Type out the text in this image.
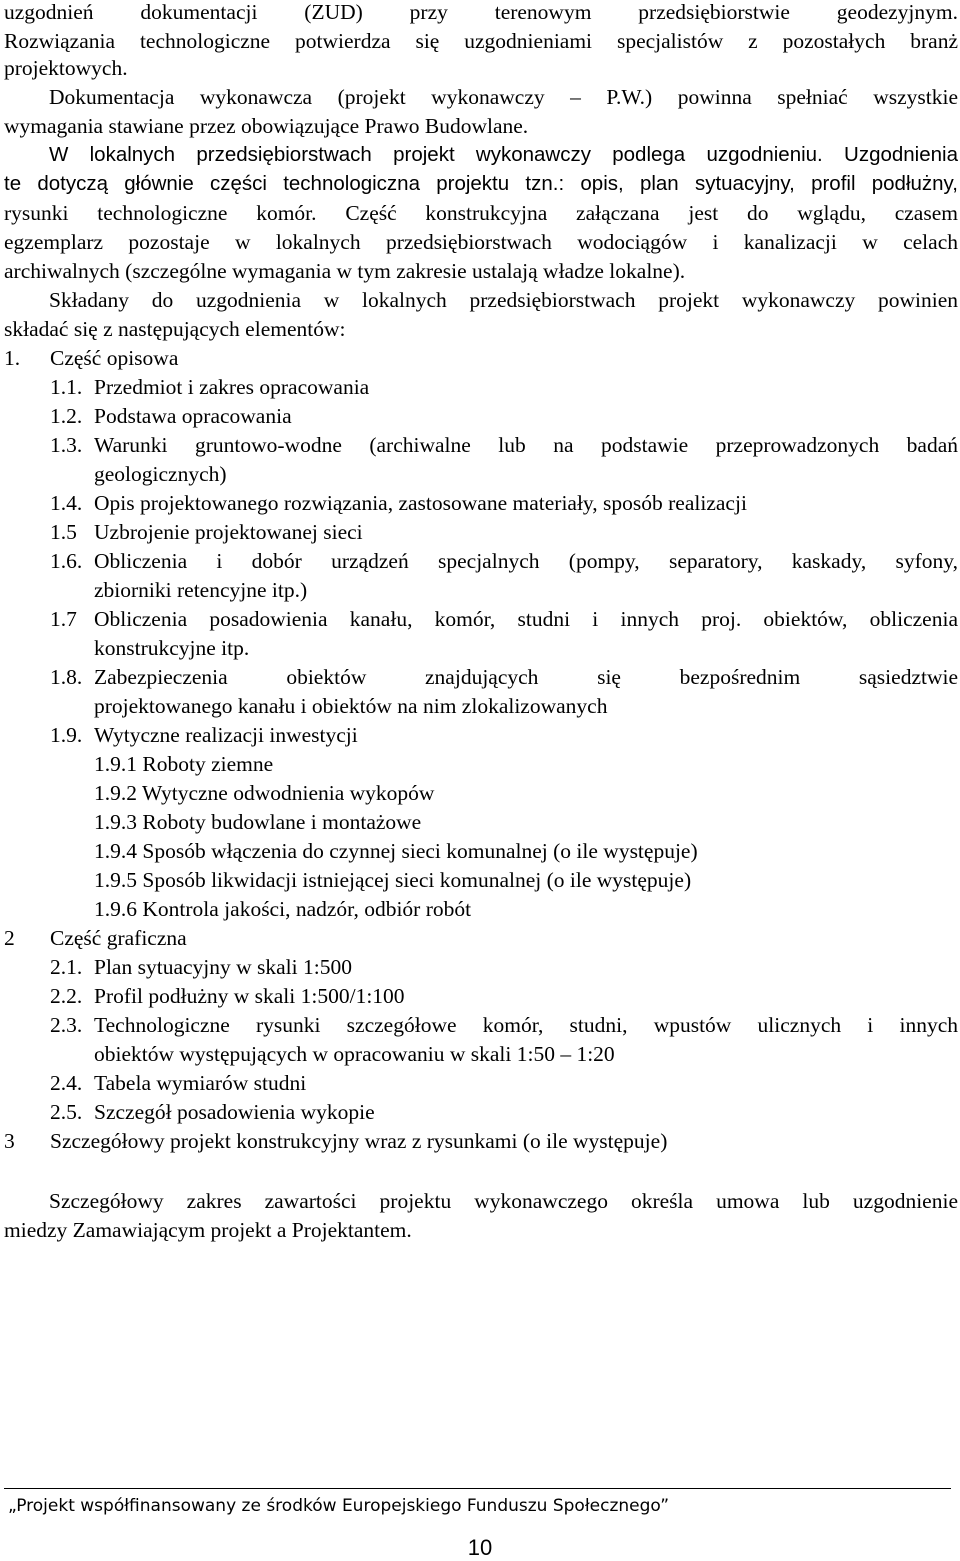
uzgodnień dokumentacji (ZUD) przy terenowym przedsiębiorstwie geodezyjnym.
Rozwiązania technologiczne potwierdza się uzgodnieniami specjalistów z pozostałych branż
projektowych.
Dokumentacja wykonawcza (projekt wykonawczy – P.W.) powinna spełniać wszystkie
wymagania stawiane przez obowiązujące Prawo Budowlane.
W lokalnych przedsiębiorstwach projekt wykonawczy podlega uzgodnieniu. Uzgodnienia
te dotyczą głównie części technologiczna projektu tzn.: opis, plan sytuacyjny, profil podłużny,
rysunki technologiczne komór. Część konstrukcyjna załączana jest do wglądu, czasem
egzemplarz pozostaje w lokalnych przedsiębiorstwach wodociągów i kanalizacji w celach
archiwalnych (szczególne wymagania w tym zakresie ustalają władze lokalne).
Składany do uzgodnienia w lokalnych przedsiębiorstwach projekt wykonawczy powinien
składać się z następujących elementów:
1. Część opisowa
1.1. Przedmiot i zakres opracowania
1.2. Podstawa opracowania
1.3. Warunki gruntowo-wodne (archiwalne lub na podstawie przeprowadzonych badań
geologicznych)
1.4. Opis projektowanego rozwiązania, zastosowane materiały, sposób realizacji
1.5 Uzbrojenie projektowanej sieci
1.6. Obliczenia i dobór urządzeń specjalnych (pompy, separatory, kaskady, syfony,
zbiorniki retencyjne itp.)
1.7 Obliczenia posadowienia kanału, komór, studni i innych proj. obiektów, obliczenia
konstrukcyjne itp.
1.8. Zabezpieczenia obiektów znajdujących się bezpośrednim sąsiedztwie
projektowanego kanału i obiektów na nim zlokalizowanych
1.9. Wytyczne realizacji inwestycji
1.9.1 Roboty ziemne
1.9.2 Wytyczne odwodnienia wykopów
1.9.3 Roboty budowlane i montażowe
1.9.4 Sposób włączenia do czynnej sieci komunalnej (o ile występuje)
1.9.5 Sposób likwidacji istniejącej sieci komunalnej (o ile występuje)
1.9.6 Kontrola jakości, nadzór, odbiór robót
2 Część graficzna
2.1. Plan sytuacyjny w skali 1:500
2.2. Profil podłużny w skali 1:500/1:100
2.3. Technologiczne rysunki szczegółowe komór, studni, wpustów ulicznych i innych
obiektów występujących w opracowaniu w skali 1:50 – 1:20
2.4. Tabela wymiarów studni
2.5. Szczegół posadowienia wykopie
3 Szczegółowy projekt konstrukcyjny wraz z rysunkami (o ile występuje)
Szczegółowy zakres zawartości projektu wykonawczego określa umowa lub uzgodnienie
miedzy Zamawiającym projekt a Projektantem.
„Projekt współfinansowany ze środków Europejskiego Funduszu Społecznego”
10
